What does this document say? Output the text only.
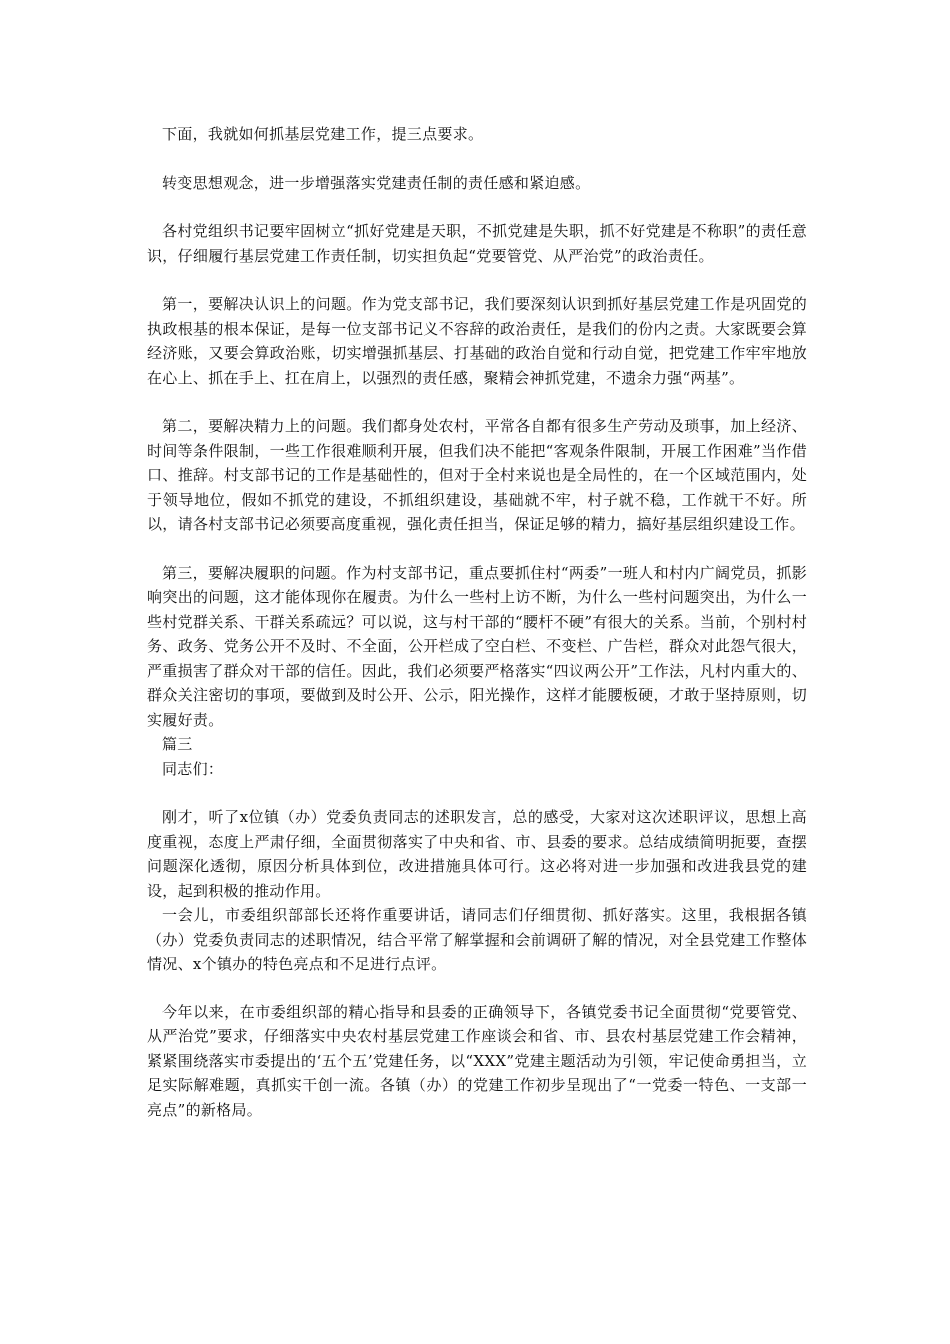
下面，我就如何抓基层党建工作，提三点要求。

转变思想观念，进一步增强落实党建责任制的责任感和紧迫感。

各村党组织书记要牢固树立“抓好党建是天职，不抓党建是失职，抓不好党建是不称职”的责任意识，仔细履行基层党建工作责任制，切实担负起“党要管党、从严治党”的政治责任。

第一，要解决认识上的问题。作为党支部书记，我们要深刻认识到抓好基层党建工作是巩固党的执政根基的根本保证，是每一位支部书记义不容辞的政治责任，是我们的份内之责。大家既要会算经济账，又要会算政治账，切实增强抓基层、打基础的政治自觉和行动自觉，把党建工作牢牢地放在心上、抓在手上、扛在肩上，以强烈的责任感，聚精会神抓党建，不遗余力强“两基”。

第二，要解决精力上的问题。我们都身处农村，平常各自都有很多生产劳动及琐事，加上经济、时间等条件限制，一些工作很难顺利开展，但我们决不能把“客观条件限制，开展工作困难”当作借口、推辞。村支部书记的工作是基础性的，但对于全村来说也是全局性的，在一个区域范围内，处于领导地位，假如不抓党的建设，不抓组织建设，基础就不牢，村子就不稳，工作就干不好。所以，请各村支部书记必须要高度重视，强化责任担当，保证足够的精力，搞好基层组织建设工作。

第三，要解决履职的问题。作为村支部书记，重点要抓住村“两委”一班人和村内广阔党员，抓影响突出的问题，这才能体现你在履责。为什么一些村上访不断，为什么一些村问题突出，为什么一些村党群关系、干群关系疏远？可以说，这与村干部的“腰杆不硬”有很大的关系。当前，个别村村务、政务、党务公开不及时、不全面，公开栏成了空白栏、不变栏、广告栏，群众对此怨气很大，严重损害了群众对干部的信任。因此，我们必须要严格落实“四议两公开”工作法，凡村内重大的、群众关注密切的事项，要做到及时公开、公示，阳光操作，这样才能腰板硬，才敢于坚持原则，切实履好责。

篇三

同志们：

刚才，听了x位镇（办）党委负责同志的述职发言，总的感受，大家对这次述职评议，思想上高度重视，态度上严肃仔细，全面贯彻落实了中央和省、市、县委的要求。总结成绩简明扼要，查摆问题深化透彻，原因分析具体到位，改进措施具体可行。这必将对进一步加强和改进我县党的建设，起到积极的推动作用。

一会儿，市委组织部部长还将作重要讲话，请同志们仔细贯彻、抓好落实。这里，我根据各镇（办）党委负责同志的述职情况，结合平常了解掌握和会前调研了解的情况，对全县党建工作整体情况、x个镇办的特色亮点和不足进行点评。

今年以来，在市委组织部的精心指导和县委的正确领导下，各镇党委书记全面贯彻“党要管党、从严治党”要求，仔细落实中央农村基层党建工作座谈会和省、市、县农村基层党建工作会精神，紧紧围绕落实市委提出的‘五个五’党建任务，以“XXX”党建主题活动为引领，牢记使命勇担当，立足实际解难题，真抓实干创一流。各镇（办）的党建工作初步呈现出了“一党委一特色、一支部一亮点”的新格局。
